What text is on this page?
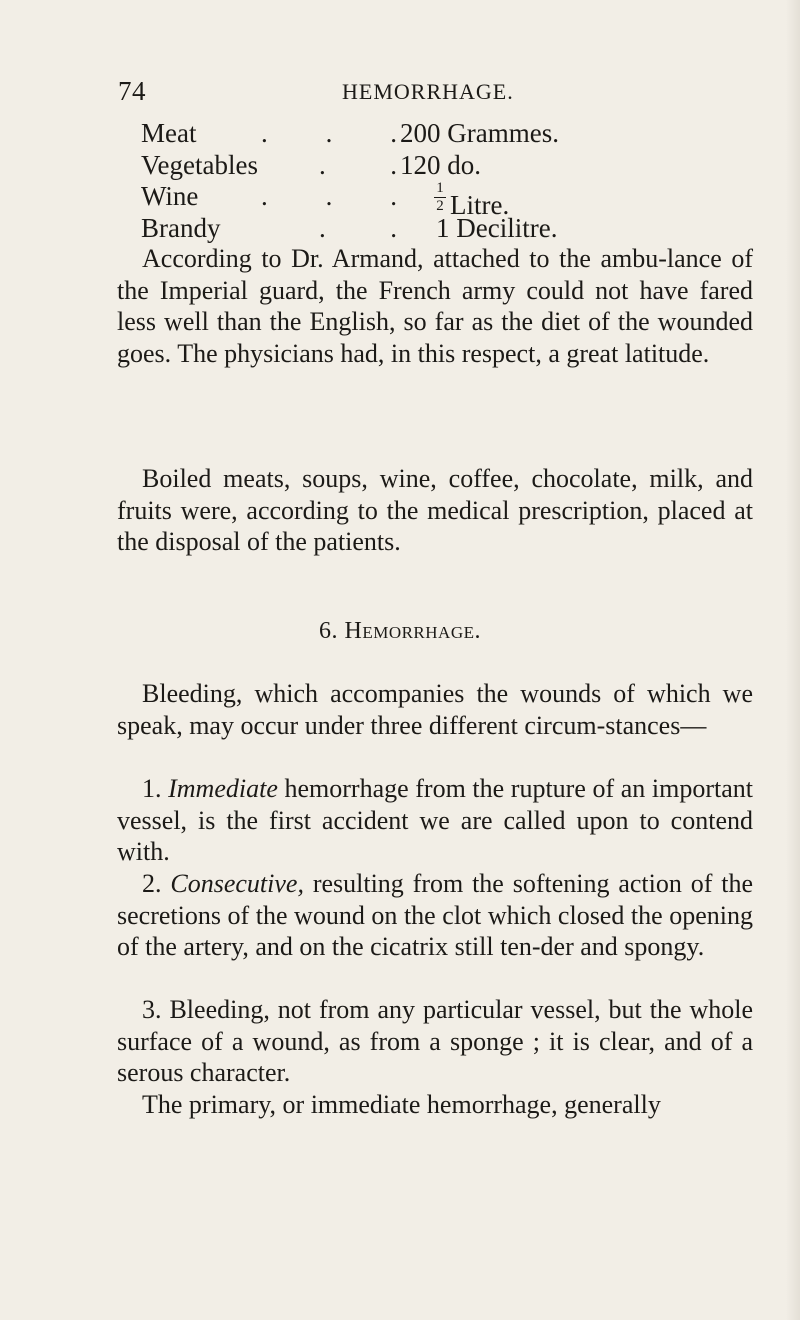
74	HEMORRHAGE.
Meat . . . 200 Grammes.
Vegetables . . 120 do.
Wine . . . $\frac{1}{2}$ Litre.
Brandy	. . 1 Decilitre.

According to Dr. Armand, attached to the ambu-lance of the Imperial guard, the French army could not have fared less well than the English, so far as the diet of the wounded goes. The physicians had, in this respect, a great latitude.

Boiled meats, soups, wine, coffee, chocolate, milk, and fruits were, according to the medical prescription, placed at the disposal of the patients.

6. Hemorrhage.

Bleeding, which accompanies the wounds of which we speak, may occur under three different circum-stances—

1. Immediate hemorrhage from the rupture of an important vessel, is the first accident we are called upon to contend with.

2. Consecutive, resulting from the softening action of the secretions of the wound on the clot which closed the opening of the artery, and on the cicatrix still ten-der and spongy.

3. Bleeding, not from any particular vessel, but the whole surface of a wound, as from a sponge ; it is clear, and of a serous character.

The primary, or immediate hemorrhage, generally
